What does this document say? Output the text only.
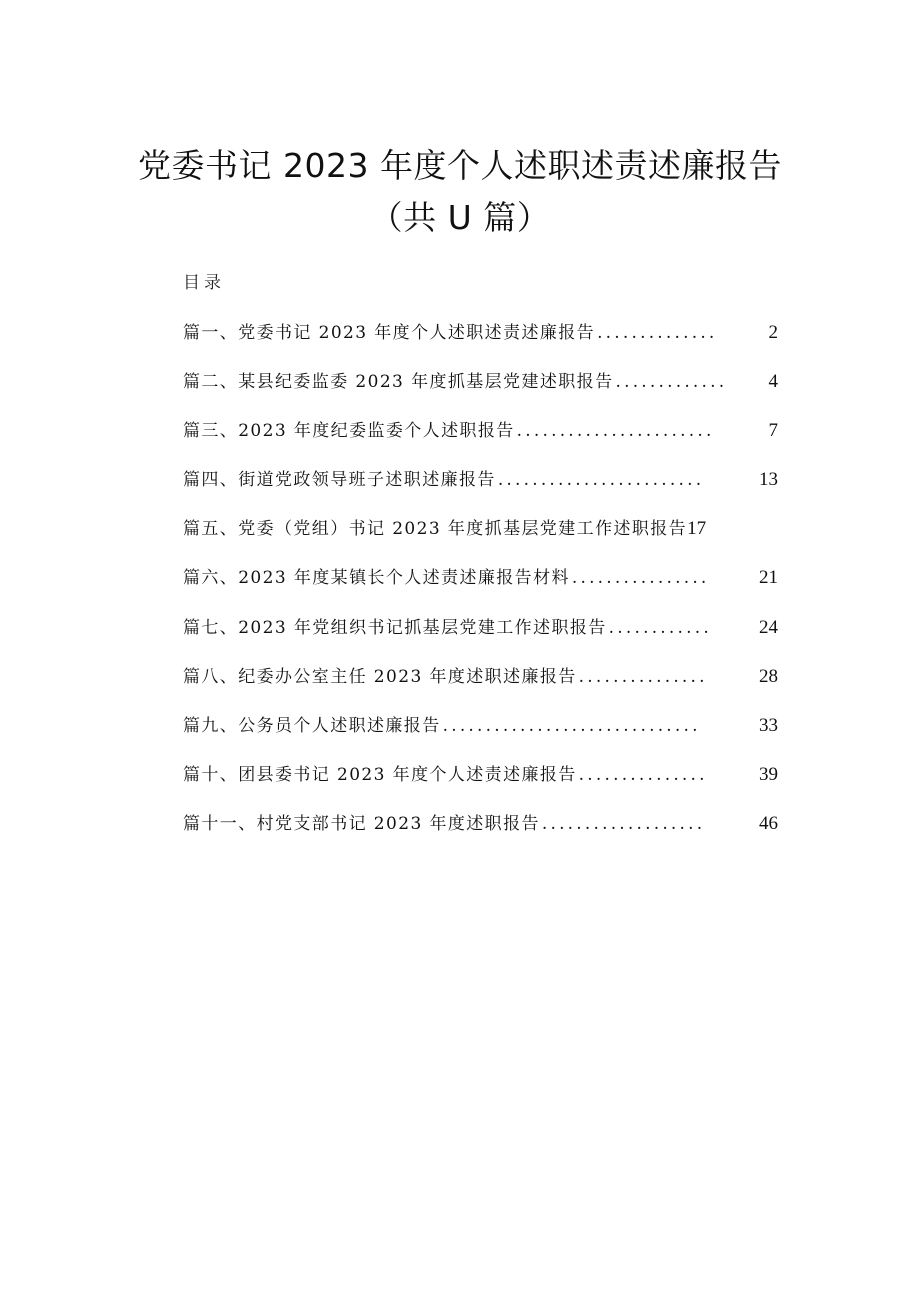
党委书记 2023 年度个人述职述责述廉报告
（共 U 篇）
目录
篇一、党委书记 2023 年度个人述职述责述廉报告 ..............	2
篇二、某县纪委监委 2023 年度抓基层党建述职报告 .............	4
篇三、2023 年度纪委监委个人述职报告 .......................	7
篇四、街道党政领导班子述职述廉报告 ........................	13
篇五、党委（党组）书记 2023 年度抓基层党建工作述职报告 17
篇六、2023 年度某镇长个人述责述廉报告材料 ................	21
篇七、2023 年党组织书记抓基层党建工作述职报告 ............	24
篇八、纪委办公室主任 2023 年度述职述廉报告 ...............	28
篇九、公务员个人述职述廉报告 ..............................	33
篇十、团县委书记 2023 年度个人述责述廉报告 ...............	39
篇十一、村党支部书记 2023 年度述职报告 ...................	46
